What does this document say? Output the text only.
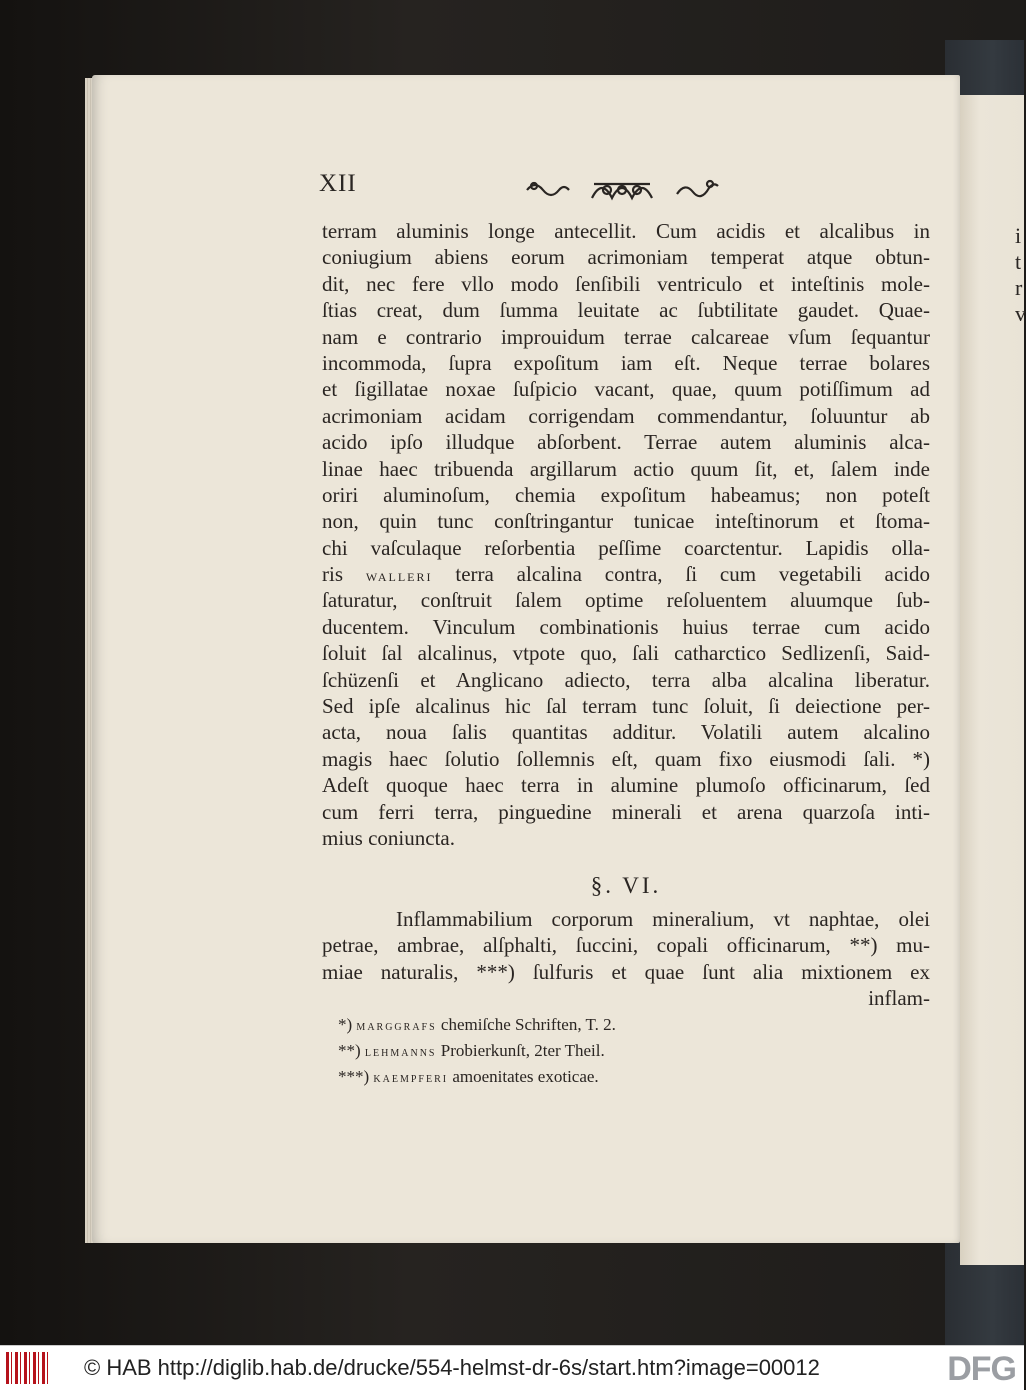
i
t
r
v
XII
terram aluminis longe antecellit. Cum acidis et alcalibus in
coniugium abiens eorum acrimoniam temperat atque obtun-
dit, nec fere vllo modo ſenſibili ventriculo et inteſtinis mole-
ſtias creat, dum ſumma leuitate ac ſubtilitate gaudet. Quae-
nam e contrario improuidum terrae calcareae vſum ſequantur
incommoda, ſupra expoſitum iam eſt. Neque terrae bolares
et ſigillatae noxae ſuſpicio vacant, quae, quum potiſſimum ad
acrimoniam acidam corrigendam commendantur, ſoluuntur ab
acido ipſo illudque abſorbent. Terrae autem aluminis alca-
linae haec tribuenda argillarum actio quum ſit, et, ſalem inde
oriri aluminoſum, chemia expoſitum habeamus; non poteſt
non, quin tunc conſtringantur tunicae inteſtinorum et ſtoma-
chi vaſculaque reſorbentia peſſime coarctentur. Lapidis olla-
ris walleri terra alcalina contra, ſi cum vegetabili acido
ſaturatur, conſtruit ſalem optime reſoluentem aluumque ſub-
ducentem. Vinculum combinationis huius terrae cum acido
ſoluit ſal alcalinus, vtpote quo, ſali catharctico Sedlizenſi, Said-
ſchüzenſi et Anglicano adiecto, terra alba alcalina liberatur.
Sed ipſe alcalinus hic ſal terram tunc ſoluit, ſi deiectione per-
acta, noua ſalis quantitas additur. Volatili autem alcalino
magis haec ſolutio ſollemnis eſt, quam fixo eiusmodi ſali. *)
Adeſt quoque haec terra in alumine plumoſo officinarum, ſed
cum ferri terra, pinguedine minerali et arena quarzoſa inti-
mius coniuncta.
§. VI.
Inflammabilium corporum mineralium, vt naphtae, olei
petrae, ambrae, alſphalti, ſuccini, copali officinarum, **) mu-
miae naturalis, ***) ſulfuris et quae ſunt alia mixtionem ex
inflam-
*) marggrafs chemiſche Schriften, T. 2.
**) lehmanns Probierkunſt, 2ter Theil.
***) kaempferi amoenitates exoticae.
© HAB http://diglib.hab.de/drucke/554-helmst-dr-6s/start.htm?image=00012	DFG
